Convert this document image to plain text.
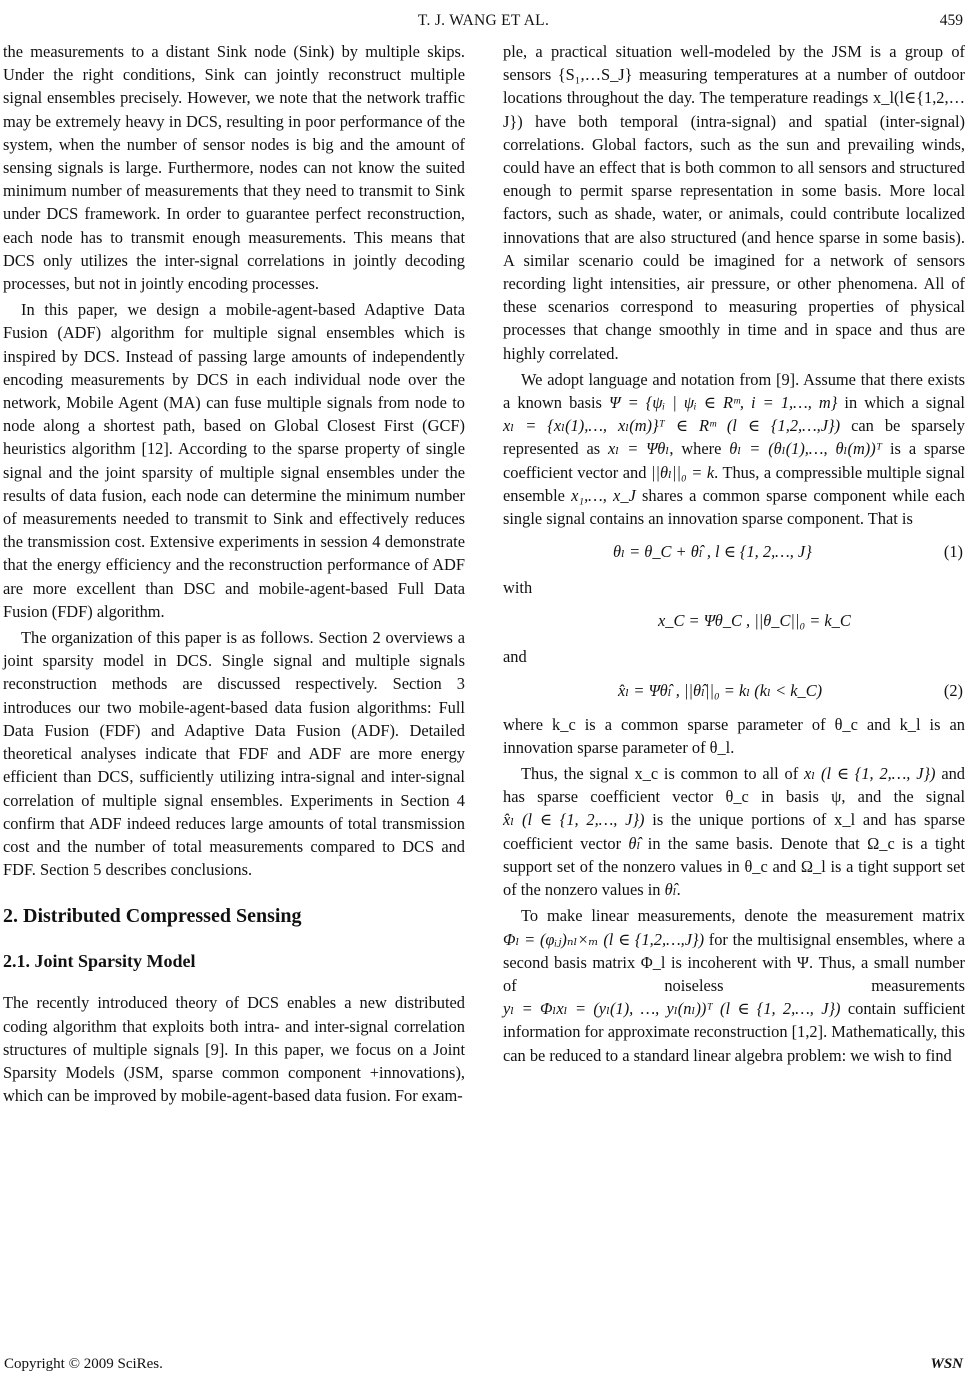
T. J. WANG ET AL.	459

the measurements to a distant Sink node (Sink) by multiple skips. Under the right conditions, Sink can jointly reconstruct multiple signal ensembles precisely. However, we note that the network traffic may be extremely heavy in DCS, resulting in poor performance of the system, when the number of sensor nodes is big and the amount of sensing signals is large. Furthermore, nodes can not know the suited minimum number of measurements that they need to transmit to Sink under DCS framework. In order to guarantee perfect reconstruction, each node has to transmit enough measurements. This means that DCS only utilizes the inter-signal correlations in jointly decoding processes, but not in jointly encoding processes.

In this paper, we design a mobile-agent-based Adaptive Data Fusion (ADF) algorithm for multiple signal ensembles which is inspired by DCS. Instead of passing large amounts of independently encoding measurements by DCS in each individual node over the network, Mobile Agent (MA) can fuse multiple signals from node to node along a shortest path, based on Global Closest First (GCF) heuristics algorithm [12]. According to the sparse property of single signal and the joint sparsity of multiple signal ensembles under the results of data fusion, each node can determine the minimum number of measurements needed to transmit to Sink and effectively reduces the transmission cost. Extensive experiments in session 4 demonstrate that the energy efficiency and the reconstruction performance of ADF are more excellent than DSC and mobile-agent-based Full Data Fusion (FDF) algorithm.

The organization of this paper is as follows. Section 2 overviews a joint sparsity model in DCS. Single signal and multiple signals reconstruction methods are discussed respectively. Section 3 introduces our two mobile-agent-based data fusion algorithms: Full Data Fusion (FDF) and Adaptive Data Fusion (ADF). Detailed theoretical analyses indicate that FDF and ADF are more energy efficient than DCS, sufficiently utilizing intra-signal and inter-signal correlation of multiple signal ensembles. Experiments in Section 4 confirm that ADF indeed reduces large amounts of total transmission cost and the number of total measurements compared to DCS and FDF. Section 5 describes conclusions.

2. Distributed Compressed Sensing
2.1. Joint Sparsity Model

The recently introduced theory of DCS enables a new distributed coding algorithm that exploits both intra- and inter-signal correlation structures of multiple signals [9]. In this paper, we focus on a Joint Sparsity Models (JSM, sparse common component +innovations), which can be improved by mobile-agent-based data fusion. For exam-

ple, a practical situation well-modeled by the JSM is a group of sensors {S₁,…S_J} measuring temperatures at a number of outdoor locations throughout the day. The temperature readings x_l(l∈{1,2,…J}) have both temporal (intra-signal) and spatial (inter-signal) correlations. Global factors, such as the sun and prevailing winds, could have an effect that is both common to all sensors and structured enough to permit sparse representation in some basis. More local factors, such as shade, water, or animals, could contribute localized innovations that are also structured (and hence sparse in some basis). A similar scenario could be imagined for a network of sensors recording light intensities, air pressure, or other phenomena. All of these scenarios correspond to measuring properties of physical processes that change smoothly in time and in space and thus are highly correlated.

We adopt language and notation from [9]. Assume that there exists a known basis Ψ = {ψᵢ | ψᵢ ∈ Rᵐ, i = 1,…, m} in which a signal xₗ = {xₗ(1),…, xₗ(m)}ᵀ ∈ Rᵐ (l ∈ {1,2,…,J}) can be sparsely represented as xₗ = Ψθₗ, where θₗ = (θₗ(1),…, θₗ(m))ᵀ is a sparse coefficient vector and ||θₗ||₀ = k. Thus, a compressible multiple signal ensemble x₁,…, x_J shares a common sparse component while each single signal contains an innovation sparse component. That is

θₗ = θ_C + θ̂ₗ , l ∈ {1, 2,…, J}	(1)
with
x_C = Ψθ_C , ||θ_C||₀ = k_C
and
x̂ₗ = Ψθ̂ₗ , ||θ̂ₗ||₀ = kₗ (kₗ < k_C)	(2)

where k_c is a common sparse parameter of θ_c and k_l is an innovation sparse parameter of θ_l.

Thus, the signal x_c is common to all of xₗ (l ∈ {1, 2,…, J}) and has sparse coefficient vector θ_c in basis ψ, and the signal x̂ₗ (l ∈ {1, 2,…, J}) is the unique portions of x_l and has sparse coefficient vector θ̂ₗ in the same basis. Denote that Ω_c is a tight support set of the nonzero values in θ_c and Ω_l is a tight support set of the nonzero values in θ̂ₗ.

To make linear measurements, denote the measurement matrix Φₗ = (φᵢⱼ)ₙₗ×ₘ (l ∈ {1,2,…,J}) for the multisignal ensembles, where a second basis matrix Φ_l is incoherent with Ψ. Thus, a small number of noiseless measurements yₗ = Φₗxₗ = (yₗ(1), …, yₗ(nₗ))ᵀ (l ∈ {1, 2,…, J}) contain sufficient information for approximate reconstruction [1,2]. Mathematically, this can be reduced to a standard linear algebra problem: we wish to find

Copyright © 2009 SciRes.	WSN
